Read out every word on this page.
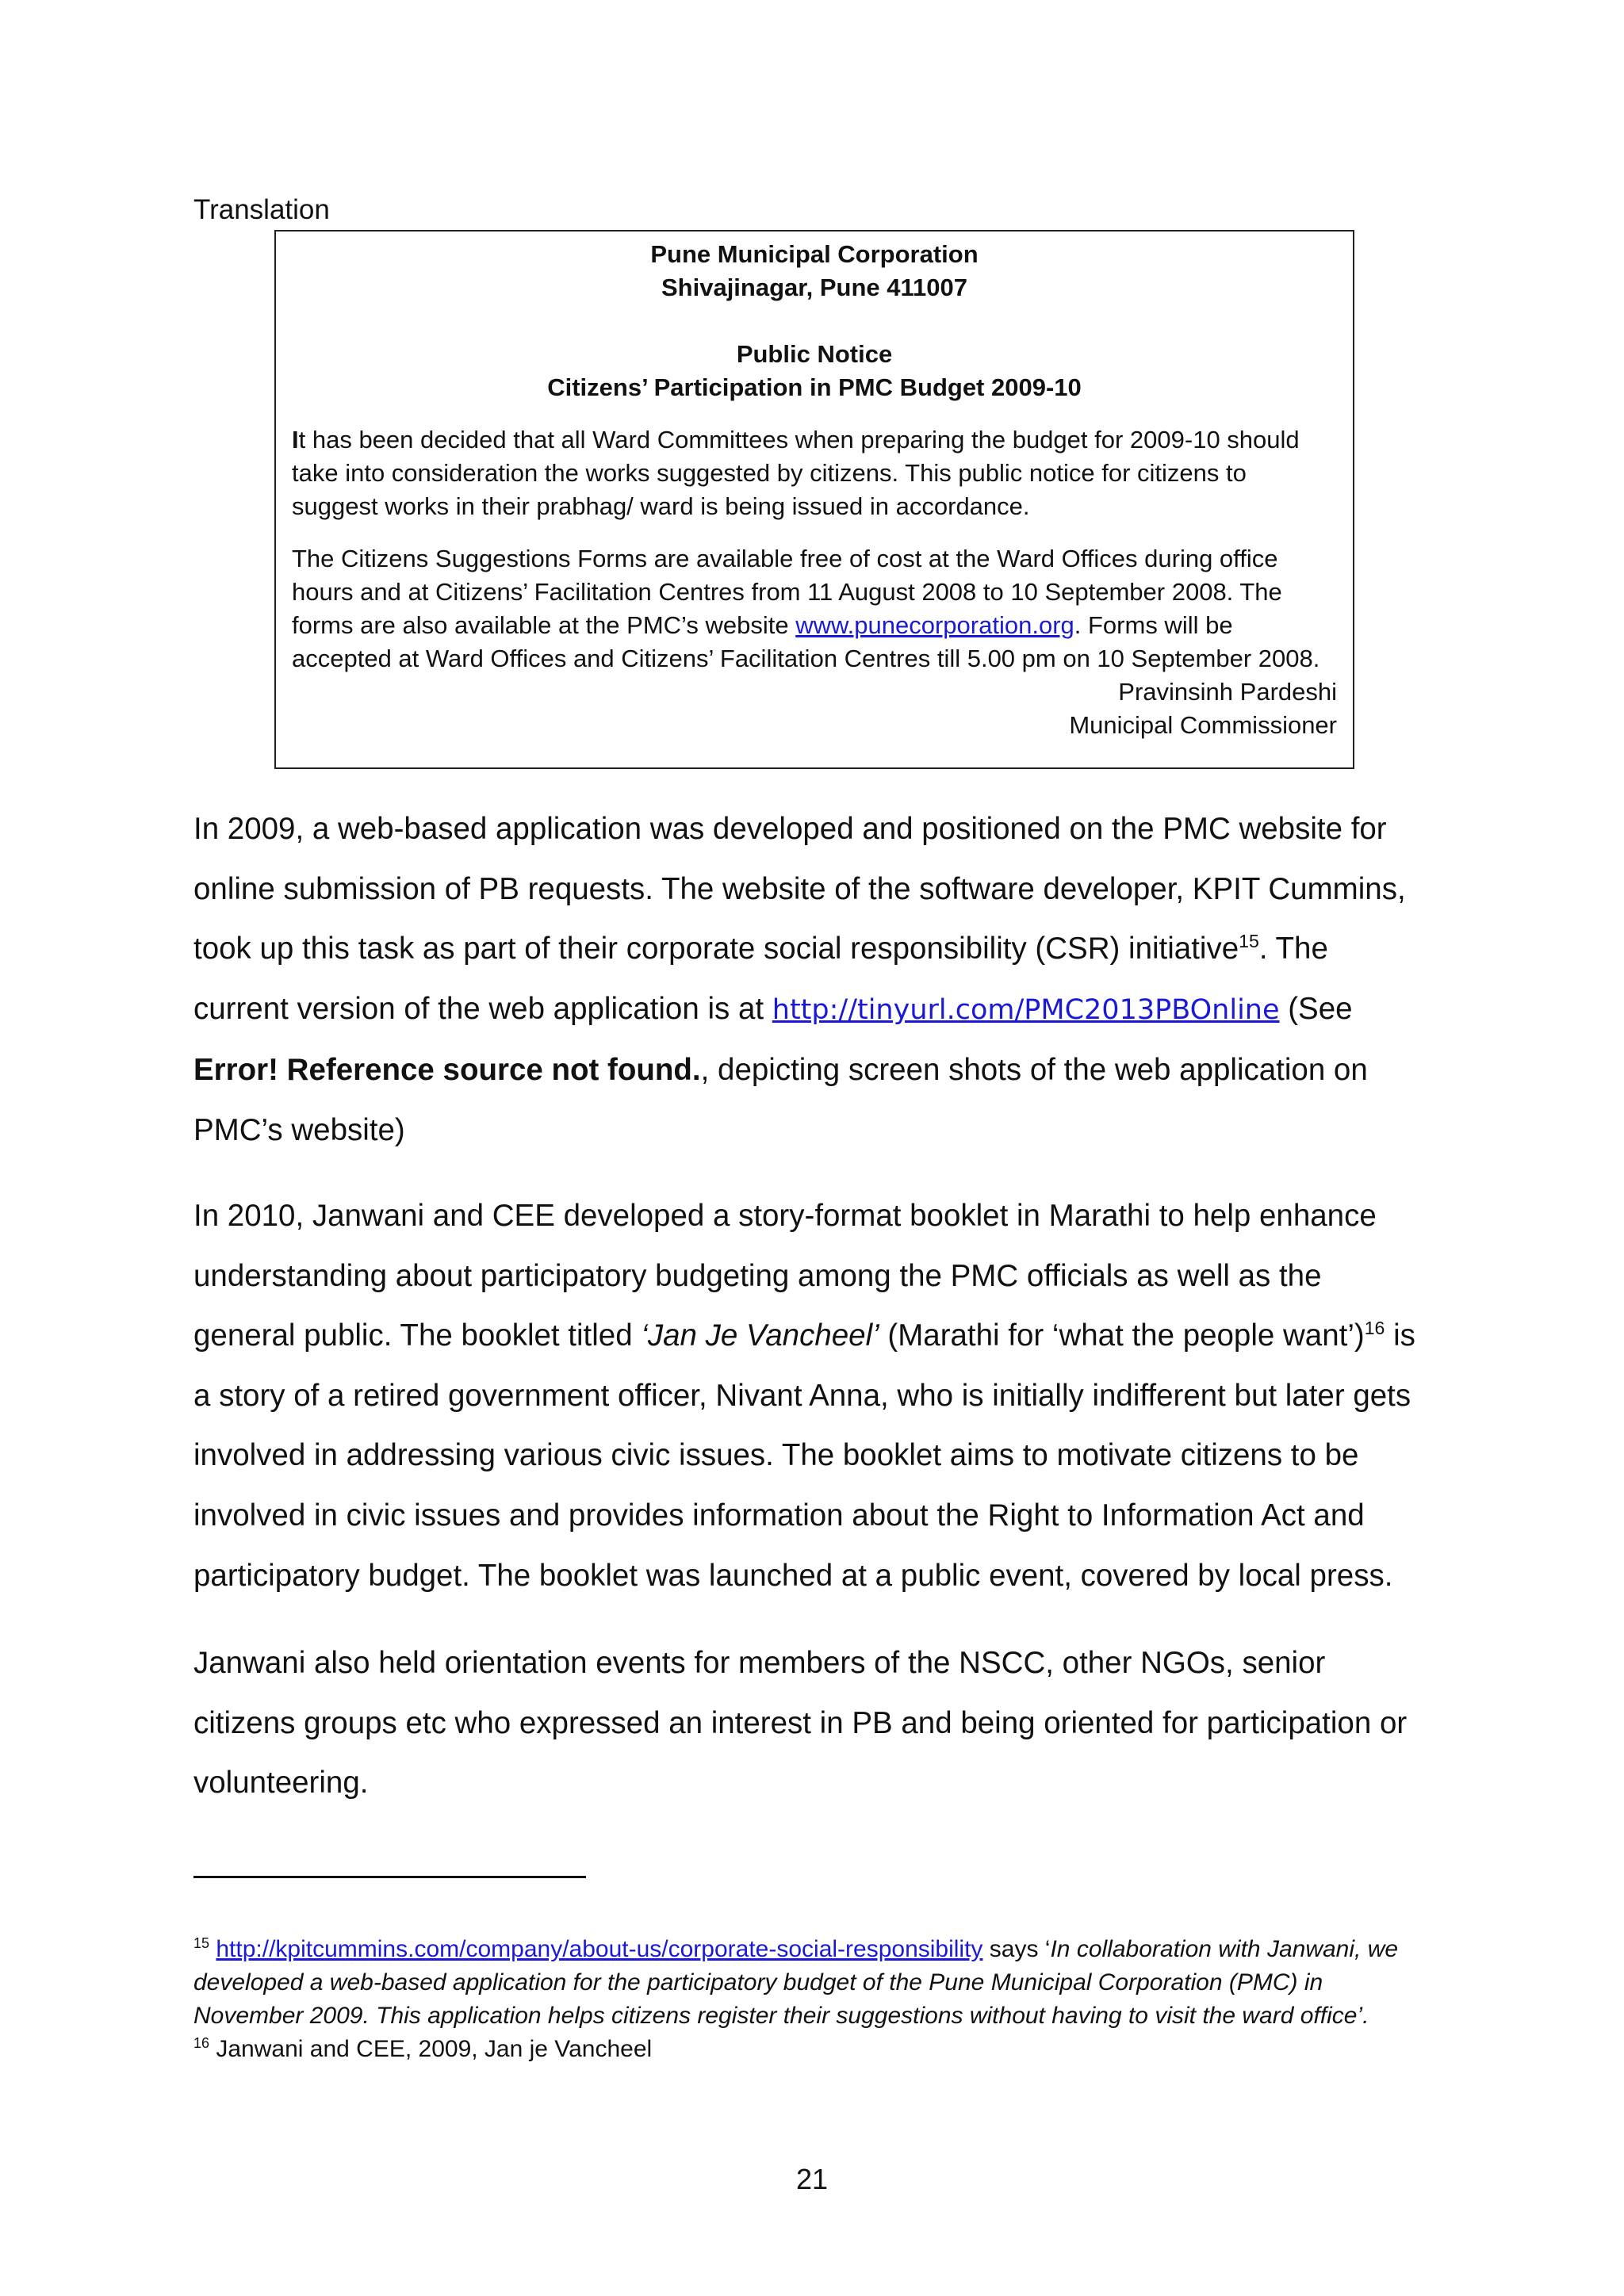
Translation
Pune Municipal Corporation
Shivajinagar, Pune 411007
Public Notice
Citizens’ Participation in PMC Budget 2009-10
It has been decided that all Ward Committees when preparing the budget for 2009-10 should take into consideration the works suggested by citizens. This public notice for citizens to suggest works in their prabhag/ ward is being issued in accordance.
The Citizens Suggestions Forms are available free of cost at the Ward Offices during office hours and at Citizens’ Facilitation Centres from 11 August 2008 to 10 September 2008. The forms are also available at the PMC’s website www.punecorporation.org. Forms will be accepted at Ward Offices and Citizens’ Facilitation Centres till 5.00 pm on 10 September 2008.
Pravinsinh Pardeshi
Municipal Commissioner
In 2009, a web-based application was developed and positioned on the PMC website for online submission of PB requests. The website of the software developer, KPIT Cummins, took up this task as part of their corporate social responsibility (CSR) initiative$^{15}$. The current version of the web application is at http://tinyurl.com/PMC2013PBOnline (See Error! Reference source not found., depicting screen shots of the web application on PMC’s website)
In 2010, Janwani and CEE developed a story-format booklet in Marathi to help enhance understanding about participatory budgeting among the PMC officials as well as the general public. The booklet titled ‘Jan Je Vancheel’ (Marathi for ‘what the people want’)$^{16}$ is a story of a retired government officer, Nivant Anna, who is initially indifferent but later gets involved in addressing various civic issues. The booklet aims to motivate citizens to be involved in civic issues and provides information about the Right to Information Act and participatory budget. The booklet was launched at a public event, covered by local press.
Janwani also held orientation events for members of the NSCC, other NGOs, senior citizens groups etc who expressed an interest in PB and being oriented for participation or volunteering.
$^{15}$ http://kpitcummins.com/company/about-us/corporate-social-responsibility says ‘In collaboration with Janwani, we developed a web-based application for the participatory budget of the Pune Municipal Corporation (PMC) in November 2009. This application helps citizens register their suggestions without having to visit the ward office’.
$^{16}$ Janwani and CEE, 2009, Jan je Vancheel
21
